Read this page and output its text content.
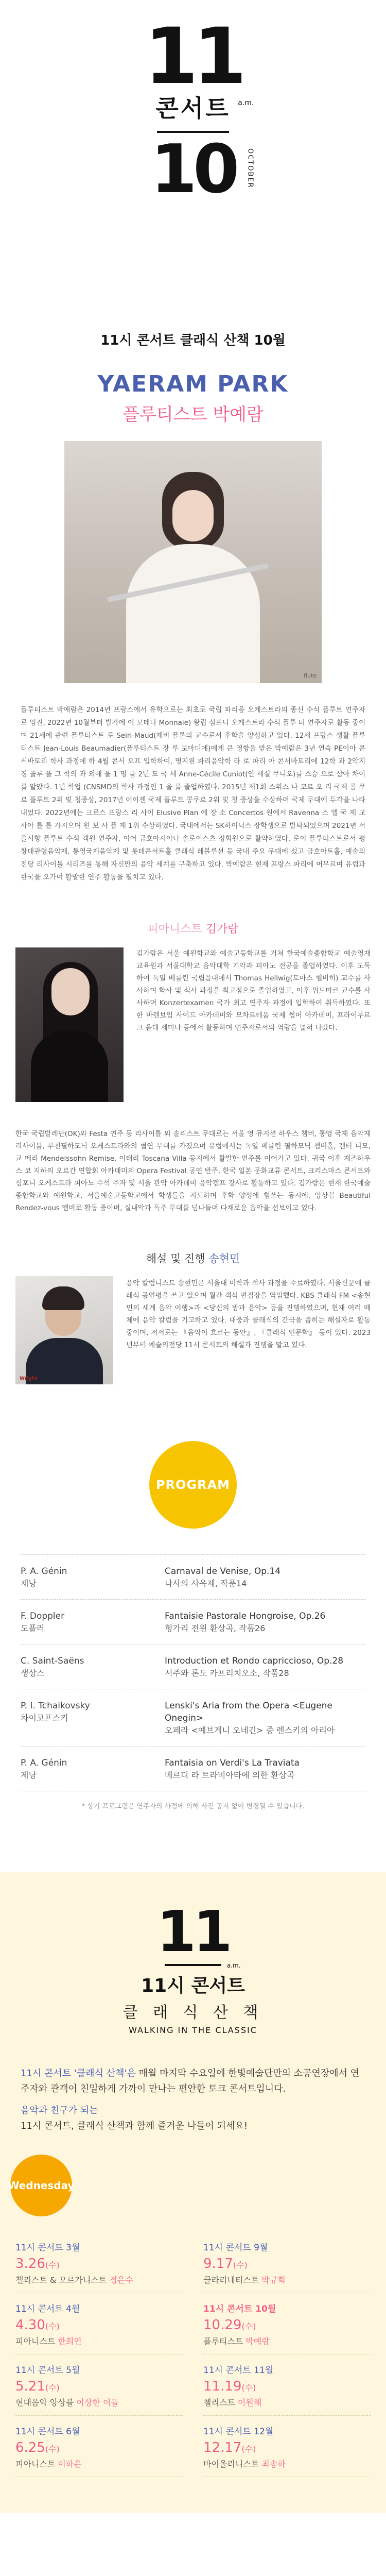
11
a.m.
콘서트
10 OCTOBER
11시 콘서트 클래식 산책 10월
YAERAM PARK
플루티스트 박예람
flute

플루티스트 박예람은 2014년 프랑스에서 유학으로는 최초로 국립 파리음 오케스트라의 종신 수석 플루트 연주자로 임진, 2022년 10월부터 발가에 이 모데나 Monnaie) 왕립 심포니 오케스트라 수석 플루 티 연주자로 활동 중이며 21세에 관련 플루티스트 로 Seiri-Maud(제비 플론의 교수로서 후학을 양성하고 있다. 12세 프랑스 생활 플루티스트 Jean-Louis Beaumadier(플루티스트 장 루 보마디에)에게 큰 영향을 받은 박예람은 3년 연속 PE이아 콘서바토리 학사 과정에 하 4월 콘서 오프 입학하여, 명지원 파리음악학 라 로 파리 아 콘서바토리에 12학 과 2악지경 플루 플 그 학의 과 외에 을 1 명 를 2년 도 국 세 Anne-Cécile Cuniot(안 세실 쿠니오)를 스승 으로 삼아 차이를 알았다. 1년 학업 (CNSMD의 학사 과정인 1 을 를 졸업하였다. 2015년 제1회 스위스 나 코르 오 리 국제 콩 쿠르 플루트 2위 및 청중상, 2017년 어이젠 국제 플루트 콩쿠르 2위 및 청 중상을 수상하며 국제 무대에 두각을 나타내었다. 2022년에는 크로스 프랑스 리 사이 Elusive Plan 에 장 소 Concertos 원에서 Ravenna 스 엘 국 제 교사아 를 를 가지으며 원 보 사 플 제 1위 수상하였다. 국내에서는 SK하이닉스 장학생으로 발탁되었으며 2021년 서울시향 플루트 수석 객원 연주자, 이어 금호아시아나 솔로이스츠 정회원으로 활약하였다. 로이 플루티스트로서 평창대관령음악제, 통영국제음악제 및 롯데콘서트홀 클래식 레볼루션 등 국내 주요 무대에 섰고 금호아트홀, 예술의전당 리사이틀 시리즈를 통해 자신만의 음악 세계를 구축하고 있다. 박예람은 현재 프랑스 파리에 머무르며 유럽과 한국을 오가며 활발한 연주 활동을 펼치고 있다.

피아니스트 김가람

김가람은 서울 예원학교와 예술고등학교를 거쳐 한국예술종합학교 예술영재교육원과 서울대학교 음악대학 기악과 피아노 전공을 졸업하였다. 이후 도독하여 독일 베를린 국립음대에서 Thomas Hellwig(토마스 헬비히) 교수를 사사하며 학사 및 석사 과정을 최고점으로 졸업하였고, 이후 위드마르 교수를 사사하며 Konzertexamen 국가 최고 연주자 과정에 입학하여 취득하였다. 또한 바렌보임 사이드 아카데미와 모차르테움 국제 썸머 아카데미, 프라이부르크 음대 세미나 등에서 활동하며 연주자로서의 역량을 넓혀 나갔다.

한국 국립발레단(OK)와 Festa 연주 등 리사이틀 외 솔리스트 무대로는 서울 영 뮤지션 하우스 챔버, 통영 국제 음악제 리사이틀, 부천필하모닉 오케스트라와의 협연 무대를 가졌으며 유럽에서는 독일 베를린 필하모닉 챔버홀, 켄터 니모, 교 메리 Mendelssohn Remise, 이태리 Toscana Villa 등지에서 활발한 연주를 이어가고 있다. 귀국 이후 재즈하우스 코 지하의 오르간 연합회 아카데미의 Opera Festival 공연 반주, 한국 일본 문화교류 콘서트, 크리스마스 콘서트와 심포니 오케스트라 피아노 수석 주자 및 서울 관악 아카데미 음악캠프 강사로 활동하고 있다. 김가람은 현재 한국예술종합학교와 예원학교, 서울예술고등학교에서 학생들을 지도하며 후학 양성에 힘쓰는 동시에, 앙상블 Beautiful Rendez-vous 멤버로 활동 중이며, 실내악과 독주 무대를 넘나들며 다채로운 음악을 선보이고 있다.

해설 및 진행 송현민
Wright

음악 칼럼니스트 송현민은 서울대 미학과 석사 과정을 수료하였다. 서울신문에 클래식 공연평을 쓰고 있으며 월간 객석 편집장을 역임했다. KBS 클래식 FM <송현민의 세계 음악 여행>과 <당신의 밤과 음악> 등을 진행하였으며, 현재 여러 매체에 음악 칼럼을 기고하고 있다. 대중과 클래식의 간극을 좁히는 해설자로 활동 중이며, 저서로는 『음악이 흐르는 동안』, 『클래식 인문학』 등이 있다. 2023년부터 예술의전당 11시 콘서트의 해설과 진행을 맡고 있다.

PROGRAM
P. A. Génin
제낭
Carnaval de Venise, Op.14
나사의 사육제, 작품14
F. Doppler
도플러
Fantaisie Pastorale Hongroise, Op.26
헝가리 전원 환상곡, 작품26
C. Saint-Saëns
생상스
Introduction et Rondo capriccioso, Op.28
서주와 론도 카프리치오소, 작품28
P. I. Tchaikovsky
차이코프스키
Lenski's Aria from the Opera <Eugene Onegin>
오페라 <예브게니 오네긴> 중 렌스키의 아리아
P. A. Génin
제낭
Fantaisia on Verdi's La Traviata
베르디 라 트라비아타에 의한 환상곡

* 상기 프로그램은 연주자의 사정에 의해 사전 공지 없이 변경될 수 있습니다.

11
a.m.
11시 콘서트
클 래 식 산 책
WALKING IN THE CLASSIC

11시 콘서트 '클래식 산책'은 매월 마지막 수요일에 한빛예술단만의 소공연장에서 연주자와 관객이 친밀하게 가까이 만나는 편안한 토크 콘서트입니다.

음악과 친구가 되는
11시 콘서트, 클래식 산책과 함께 즐거운 나들이 되세요!

Wednesday
11시 콘서트 3월
3.26(수)
첼리스트 & 오르가니스트 정은수
11시 콘서트 9월
9.17(수)
클라리네티스트 박규희
11시 콘서트 4월
4.30(수)
피아니스트 한희연
11시 콘서트 10월
10.29(수)
플루티스트 박예람
11시 콘서트 5월
5.21(수)
현대음악 앙상블 이상한 이들
11시 콘서트 11월
11.19(수)
첼리스트 이원해
11시 콘서트 6월
6.25(수)
피아니스트 이하은
11시 콘서트 12월
12.17(수)
바이올리니스트 최송하
